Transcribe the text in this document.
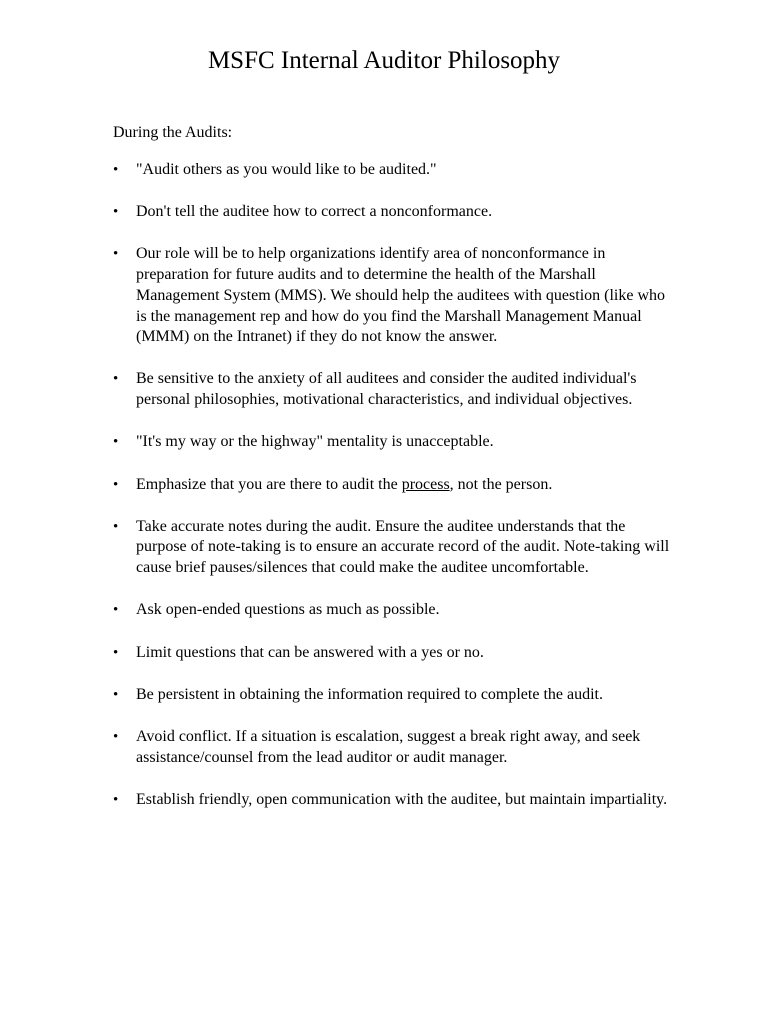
MSFC Internal Auditor Philosophy
During the Audits:
• "Audit others as you would like to be audited."
• Don't tell the auditee how to correct a nonconformance.
• Our role will be to help organizations identify area of nonconformance in preparation for future audits and to determine the health of the Marshall Management System (MMS). We should help the auditees with question (like who is the management rep and how do you find the Marshall Management Manual (MMM) on the Intranet) if they do not know the answer.
• Be sensitive to the anxiety of all auditees and consider the audited individual's personal philosophies, motivational characteristics, and individual objectives.
• "It's my way or the highway" mentality is unacceptable.
• Emphasize that you are there to audit the process, not the person.
• Take accurate notes during the audit. Ensure the auditee understands that the purpose of note-taking is to ensure an accurate record of the audit. Note-taking will cause brief pauses/silences that could make the auditee uncomfortable.
• Ask open-ended questions as much as possible.
• Limit questions that can be answered with a yes or no.
• Be persistent in obtaining the information required to complete the audit.
• Avoid conflict. If a situation is escalation, suggest a break right away, and seek assistance/counsel from the lead auditor or audit manager.
• Establish friendly, open communication with the auditee, but maintain impartiality.
